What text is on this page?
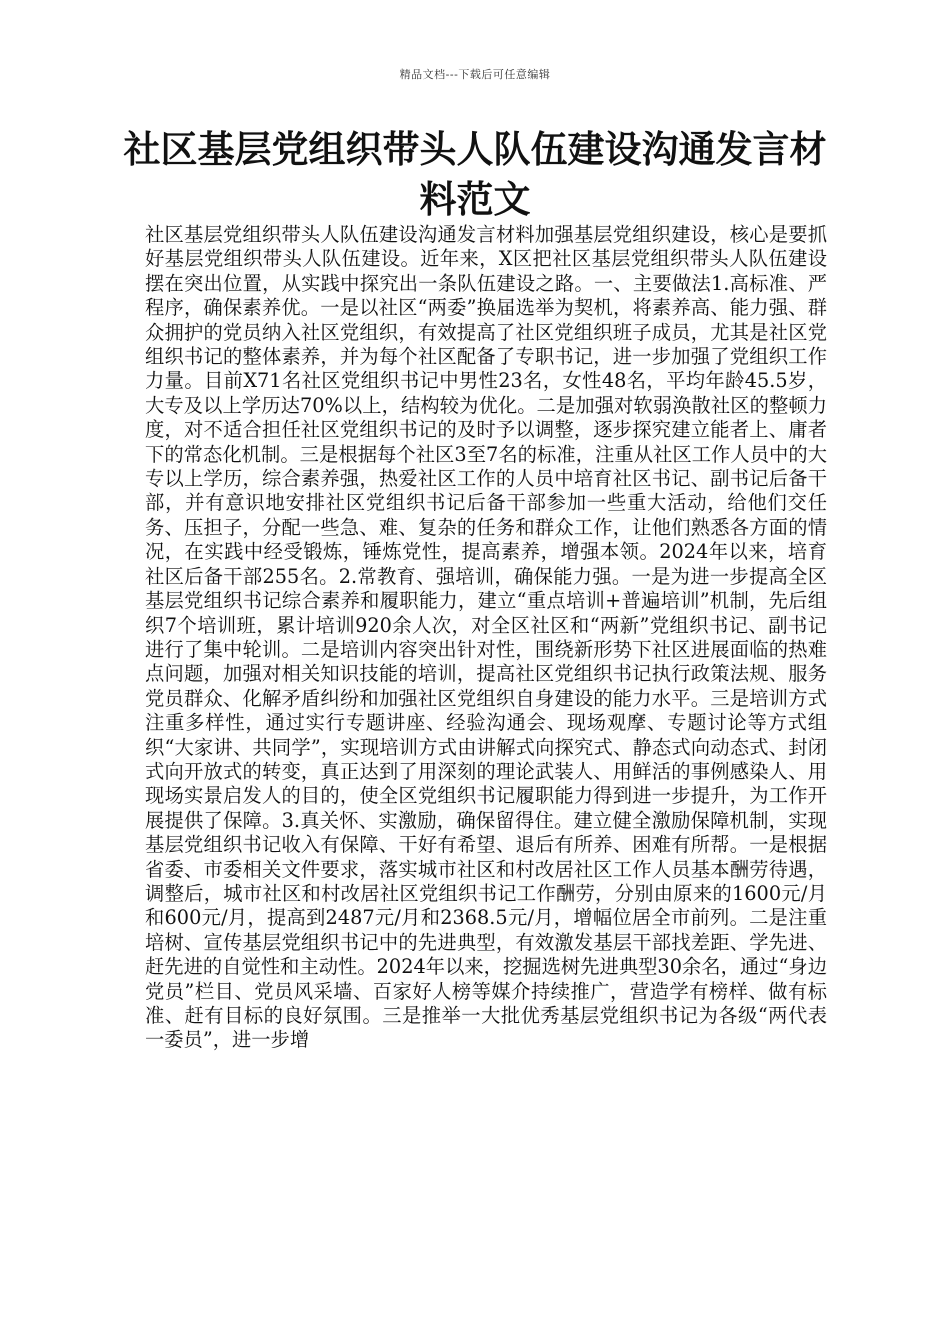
精品文档---下载后可任意编辑
社区基层党组织带头人队伍建设沟通发言材料范文

社区基层党组织带头人队伍建设沟通发言材料加强基层党组织建设，核心是要抓好基层党组织带头人队伍建设。近年来，X区把社区基层党组织带头人队伍建设摆在突出位置，从实践中探究出一条队伍建设之路。一、主要做法1.高标准、严程序，确保素养优。一是以社区“两委”换届选举为契机，将素养高、能力强、群众拥护的党员纳入社区党组织，有效提高了社区党组织班子成员，尤其是社区党组织书记的整体素养，并为每个社区配备了专职书记，进一步加强了党组织工作力量。目前X71名社区党组织书记中男性23名，女性48名，平均年龄45.5岁，大专及以上学历达70%以上，结构较为优化。二是加强对软弱涣散社区的整顿力度，对不适合担任社区党组织书记的及时予以调整，逐步探究建立能者上、庸者下的常态化机制。三是根据每个社区3至7名的标准，注重从社区工作人员中的大专以上学历，综合素养强，热爱社区工作的人员中培育社区书记、副书记后备干部，并有意识地安排社区党组织书记后备干部参加一些重大活动，给他们交任务、压担子，分配一些急、难、复杂的任务和群众工作，让他们熟悉各方面的情况，在实践中经受锻炼，锤炼党性，提高素养，增强本领。2024年以来，培育社区后备干部255名。2.常教育、强培训，确保能力强。一是为进一步提高全区基层党组织书记综合素养和履职能力，建立“重点培训+普遍培训”机制，先后组织7个培训班，累计培训920余人次，对全区社区和“两新”党组织书记、副书记进行了集中轮训。二是培训内容突出针对性，围绕新形势下社区进展面临的热难点问题，加强对相关知识技能的培训，提高社区党组织书记执行政策法规、服务党员群众、化解矛盾纠纷和加强社区党组织自身建设的能力水平。三是培训方式注重多样性，通过实行专题讲座、经验沟通会、现场观摩、专题讨论等方式组织“大家讲、共同学”，实现培训方式由讲解式向探究式、静态式向动态式、封闭式向开放式的转变，真正达到了用深刻的理论武装人、用鲜活的事例感染人、用现场实景启发人的目的，使全区党组织书记履职能力得到进一步提升，为工作开展提供了保障。3.真关怀、实激励，确保留得住。建立健全激励保障机制，实现基层党组织书记收入有保障、干好有希望、退后有所养、困难有所帮。一是根据省委、市委相关文件要求，落实城市社区和村改居社区工作人员基本酬劳待遇，调整后，城市社区和村改居社区党组织书记工作酬劳，分别由原来的1600元/月和600元/月，提高到2487元/月和2368.5元/月，增幅位居全市前列。二是注重培树、宣传基层党组织书记中的先进典型，有效激发基层干部找差距、学先进、赶先进的自觉性和主动性。2024年以来，挖掘选树先进典型30余名，通过“身边党员”栏目、党员风采墙、百家好人榜等媒介持续推广，营造学有榜样、做有标准、赶有目标的良好氛围。三是推举一大批优秀基层党组织书记为各级“两代表一委员”，进一步增
